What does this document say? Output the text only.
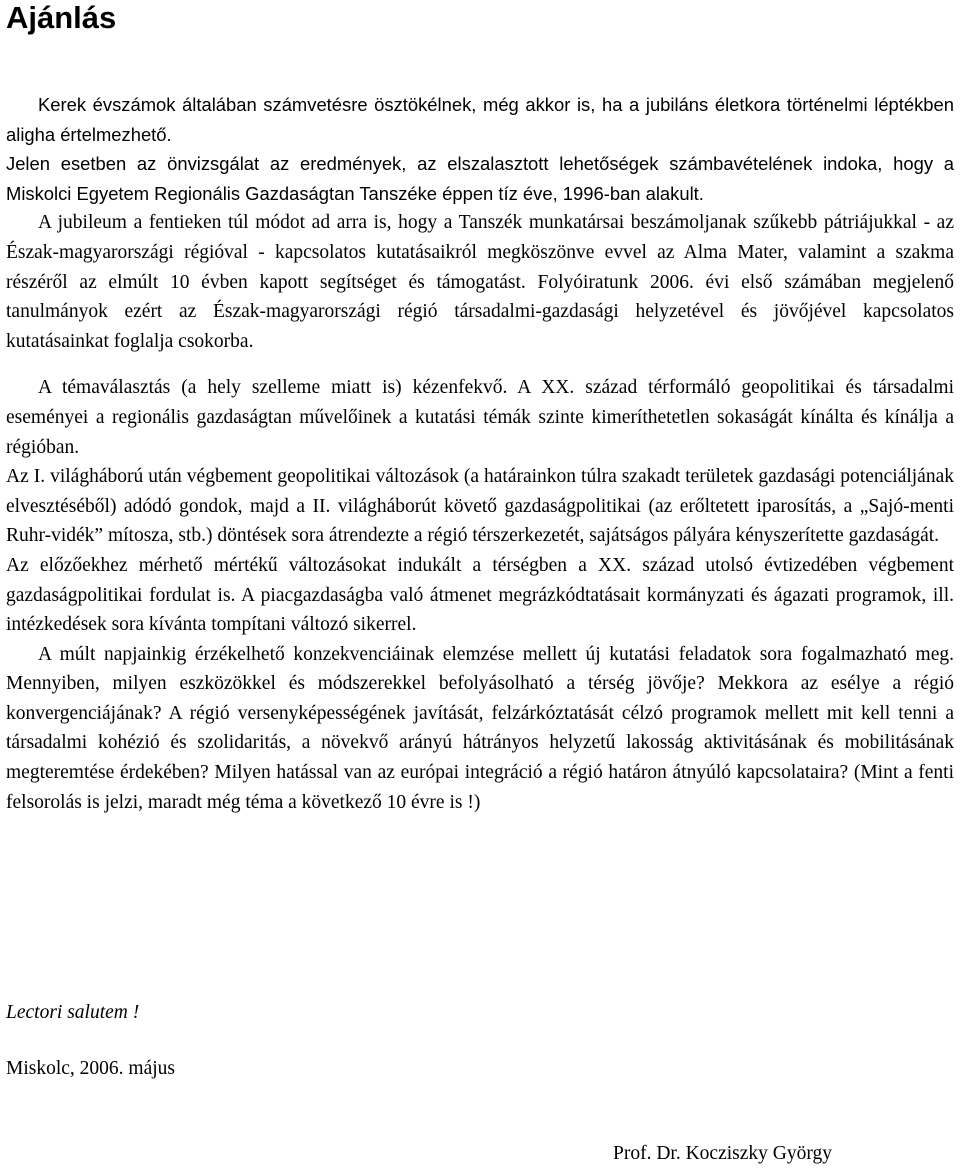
Ajánlás

Kerek évszámok általában számvetésre ösztökélnek, még akkor is, ha a jubiláns életkora történelmi léptékben aligha értelmezhető.

Jelen esetben az önvizsgálat az eredmények, az elszalasztott lehetőségek számbavételének indoka, hogy a Miskolci Egyetem Regionális Gazdaságtan Tanszéke éppen tíz éve, 1996-ban alakult.

A jubileum a fentieken túl módot ad arra is, hogy a Tanszék munkatársai beszámoljanak szűkebb pátriájukkal - az Észak-magyarországi régióval - kapcsolatos kutatásaikról megköszönve evvel az Alma Mater, valamint a szakma részéről az elmúlt 10 évben kapott segítséget és támogatást. Folyóiratunk 2006. évi első számában megjelenő tanulmányok ezért az Észak-magyarországi régió társadalmi-gazdasági helyzetével és jövőjével kapcsolatos kutatásainkat foglalja csokorba.

A témaválasztás (a hely szelleme miatt is) kézenfekvő. A XX. század térformáló geopolitikai és társadalmi eseményei a regionális gazdaságtan művelőinek a kutatási témák szinte kimeríthetetlen sokaságát kínálta és kínálja a régióban.

Az I. világháború után végbement geopolitikai változások (a határainkon túlra szakadt területek gazdasági potenciáljának elvesztéséből) adódó gondok, majd a II. világháborút követő gazdaságpolitikai (az erőltetett iparosítás, a „Sajó-menti Ruhr-vidék” mítosza, stb.) döntések sora átrendezte a régió térszerkezetét, sajátságos pályára kényszerítette gazdaságát.

Az előzőekhez mérhető mértékű változásokat indukált a térségben a XX. század utolsó évtizedében végbement gazdaságpolitikai fordulat is. A piacgazdaságba való átmenet megrázkódtatásait kormányzati és ágazati programok, ill. intézkedések sora kívánta tompítani változó sikerrel.

A múlt napjainkig érzékelhető konzekvenciáinak elemzése mellett új kutatási feladatok sora fogalmazható meg. Mennyiben, milyen eszközökkel és módszerekkel befolyásolható a térség jövője? Mekkora az esélye a régió konvergenciájának? A régió versenyképességének javítását, felzárkóztatását célzó programok mellett mit kell tenni a társadalmi kohézió és szolidaritás, a növekvő arányú hátrányos helyzetű lakosság aktivitásának és mobilitásának megteremtése érdekében? Milyen hatással van az európai integráció a régió határon átnyúló kapcsolataira? (Mint a fenti felsorolás is jelzi, maradt még téma a következő 10 évre is !)

Lectori salutem !
Miskolc, 2006. május
Prof. Dr. Kocziszky György
